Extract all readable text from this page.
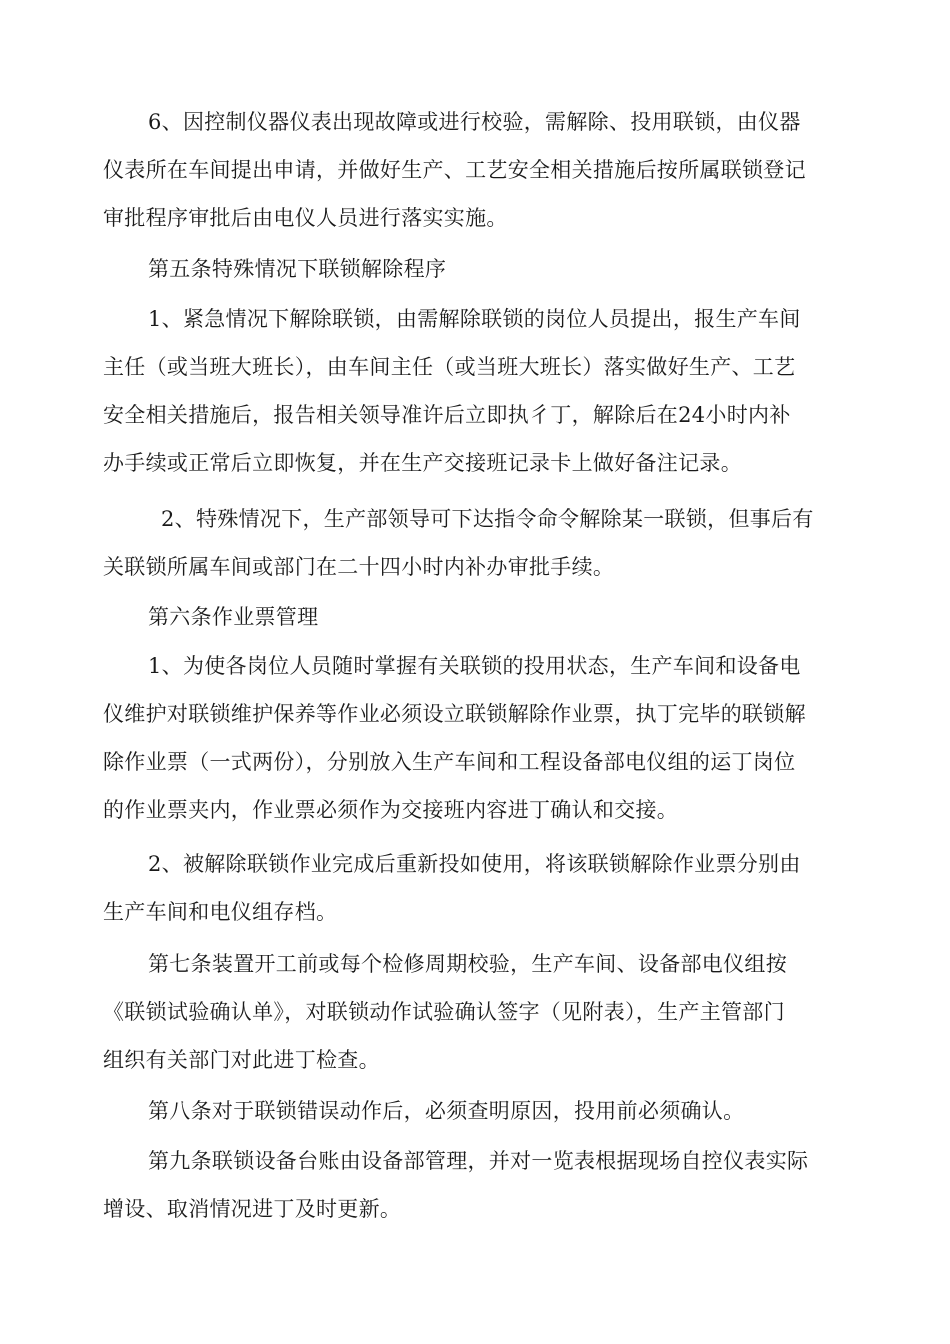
6、因控制仪器仪表出现故障或进行校验，需解除、投用联锁，由仪器
仪表所在车间提出申请，并做好生产、工艺安全相关措施后按所属联锁登记
审批程序审批后由电仪人员进行落实实施。

第五条特殊情况下联锁解除程序

1、紧急情况下解除联锁，由需解除联锁的岗位人员提出，报生产车间
主任（或当班大班长），由车间主任（或当班大班长）落实做好生产、工艺
安全相关措施后，报告相关领导准许后立即执彳丁，解除后在24小时内补
办手续或正常后立即恢复，并在生产交接班记录卡上做好备注记录。

2、特殊情况下，生产部领导可下达指令命令解除某一联锁，但事后有
关联锁所属车间或部门在二十四小时内补办审批手续。

第六条作业票管理

1、为使各岗位人员随时掌握有关联锁的投用状态，生产车间和设备电
仪维护对联锁维护保养等作业必须设立联锁解除作业票，执丁完毕的联锁解
除作业票（一式两份），分别放入生产车间和工程设备部电仪组的运丁岗位
的作业票夹内，作业票必须作为交接班内容进丁确认和交接。

2、被解除联锁作业完成后重新投如使用，将该联锁解除作业票分别由
生产车间和电仪组存档。

第七条装置开工前或每个检修周期校验，生产车间、设备部电仪组按
《联锁试验确认单》，对联锁动作试验确认签字（见附表），生产主管部门
组织有关部门对此进丁检查。

第八条对于联锁错误动作后，必须查明原因，投用前必须确认。

第九条联锁设备台账由设备部管理，并对一览表根据现场自控仪表实际
增设、取消情况进丁及时更新。
